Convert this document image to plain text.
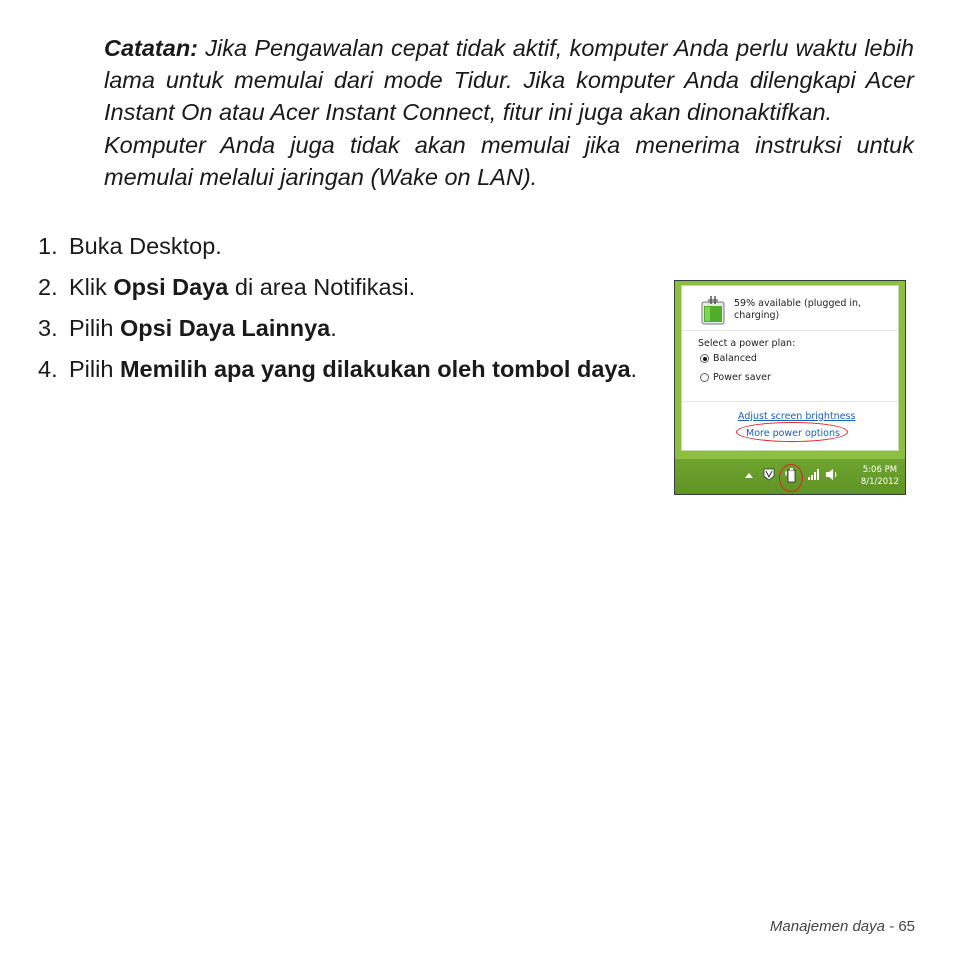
Catatan: Jika Pengawalan cepat tidak aktif, komputer Anda perlu waktu lebih lama untuk memulai dari mode Tidur. Jika komputer Anda dilengkapi Acer Instant On atau Acer Instant Connect, fitur ini juga akan dinonaktifkan.

Komputer Anda juga tidak akan memulai jika menerima instruksi untuk memulai melalui jaringan (Wake on LAN).

1. Buka Desktop.
2. Klik Opsi Daya di area Notifikasi.
3. Pilih Opsi Daya Lainnya.
4. Pilih Memilih apa yang dilakukan oleh tombol daya.
59% available (plugged in, charging)
Select a power plan:
Balanced
Power saver
Adjust screen brightness
More power options
5:06 PM
8/1/2012
Manajemen daya - 65
